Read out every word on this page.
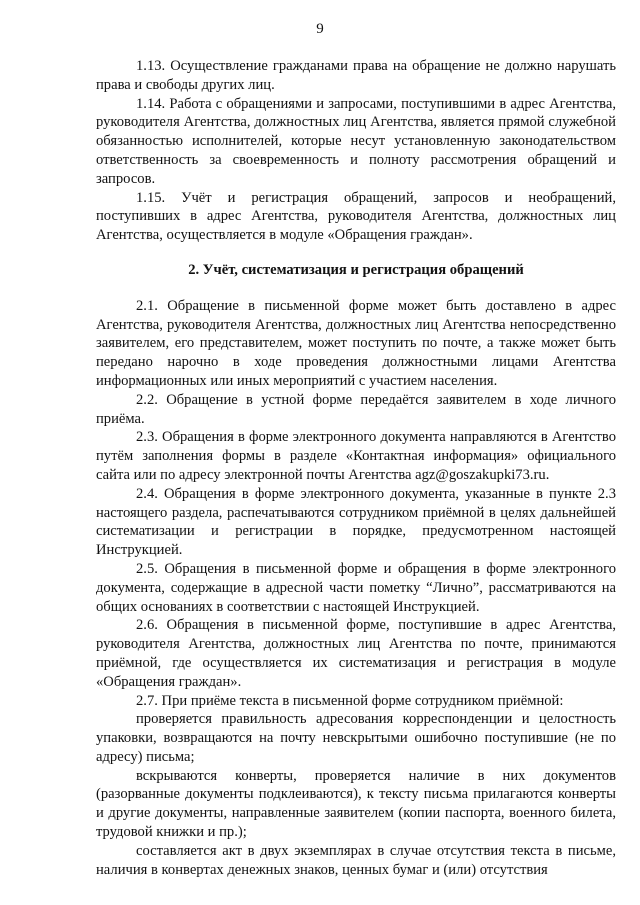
9

1.13. Осуществление гражданами права на обращение не должно нарушать права и свободы других лиц.

1.14. Работа с обращениями и запросами, поступившими в адрес Агентства, руководителя Агентства, должностных лиц Агентства, является прямой служебной обязанностью исполнителей, которые несут установленную законодательством ответственность за своевременность и полноту рассмотрения обращений и запросов.

1.15. Учёт и регистрация обращений, запросов и необращений, поступивших в адрес Агентства, руководителя Агентства, должностных лиц Агентства, осуществляется в модуле «Обращения граждан».

2. Учёт, систематизация и регистрация обращений

2.1. Обращение в письменной форме может быть доставлено в адрес Агентства, руководителя Агентства, должностных лиц Агентства непосредственно заявителем, его представителем, может поступить по почте, а также может быть передано нарочно в ходе проведения должностными лицами Агентства информационных или иных мероприятий с участием населения.

2.2. Обращение в устной форме передаётся заявителем в ходе личного приёма.

2.3. Обращения в форме электронного документа направляются в Агентство путём заполнения формы в разделе «Контактная информация» официального сайта или по адресу электронной почты Агентства agz@goszakupki73.ru.

2.4. Обращения в форме электронного документа, указанные в пункте 2.3 настоящего раздела, распечатываются сотрудником приёмной в целях дальнейшей систематизации и регистрации в порядке, предусмотренном настоящей Инструкцией.

2.5. Обращения в письменной форме и обращения в форме электронного документа, содержащие в адресной части пометку “Лично”, рассматриваются на общих основаниях в соответствии с настоящей Инструкцией.

2.6. Обращения в письменной форме, поступившие в адрес Агентства, руководителя Агентства, должностных лиц Агентства по почте, принимаются приёмной, где осуществляется их систематизация и регистрация в модуле «Обращения граждан».

2.7. При приёме текста в письменной форме сотрудником приёмной:

проверяется правильность адресования корреспонденции и целостность упаковки, возвращаются на почту невскрытыми ошибочно поступившие (не по адресу) письма;

вскрываются конверты, проверяется наличие в них документов (разорванные документы подклеиваются), к тексту письма прилагаются конверты и другие документы, направленные заявителем (копии паспорта, военного билета, трудовой книжки и пр.);

составляется акт в двух экземплярах в случае отсутствия текста в письме, наличия в конвертах денежных знаков, ценных бумаг и (или) отсутствия
